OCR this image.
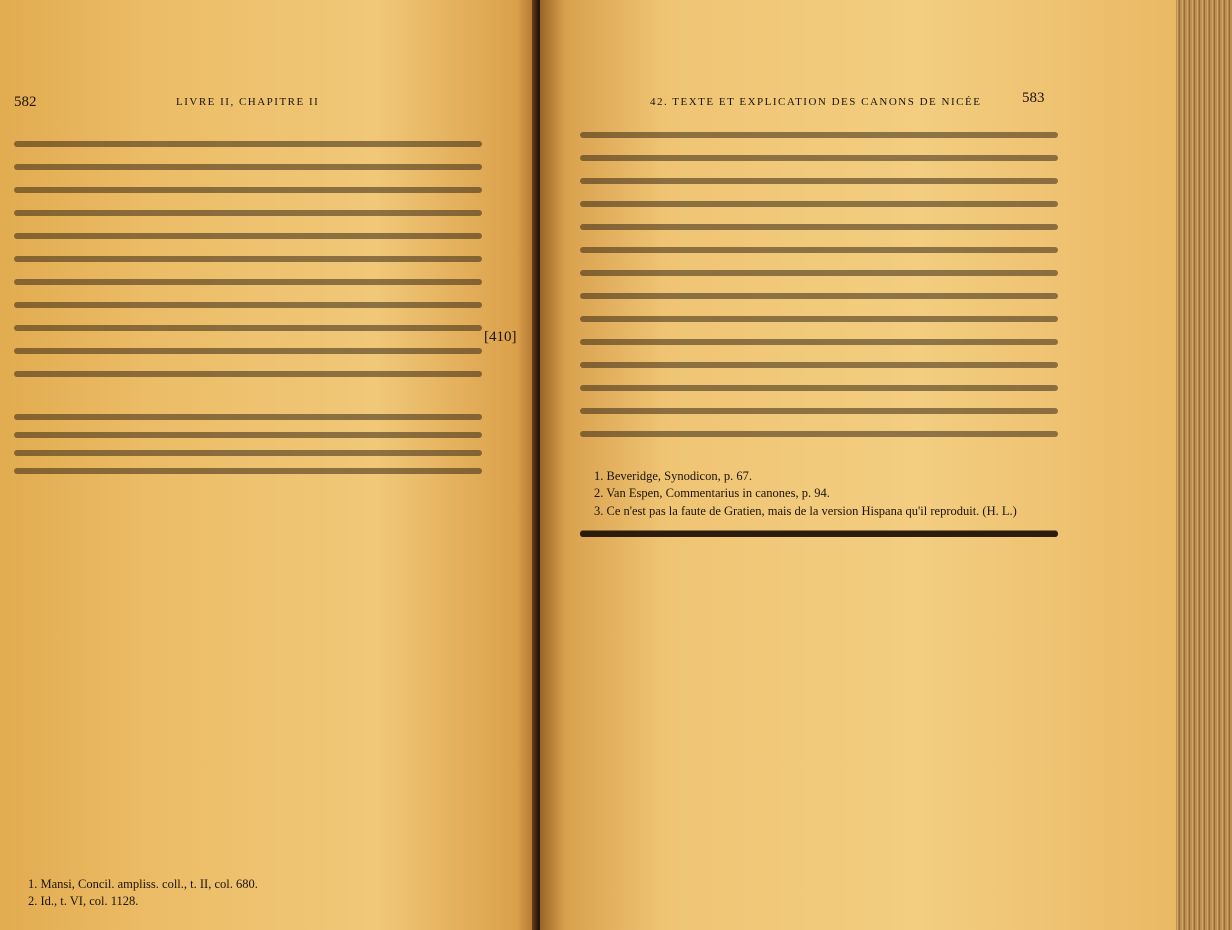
582	LIVRE II, CHAPITRE II
[410]
1. Mansi, Concil. ampliss. coll., t. II, col. 680.
2. Id., t. VI, col. 1128.
42. TEXTE ET EXPLICATION DES CANONS DE NICÉE	583
1. Beveridge, Synodicon, p. 67.
2. Van Espen, Commentarius in canones, p. 94.
3. Ce n'est pas la faute de Gratien, mais de la version Hispana qu'il reproduit. (H. L.)
